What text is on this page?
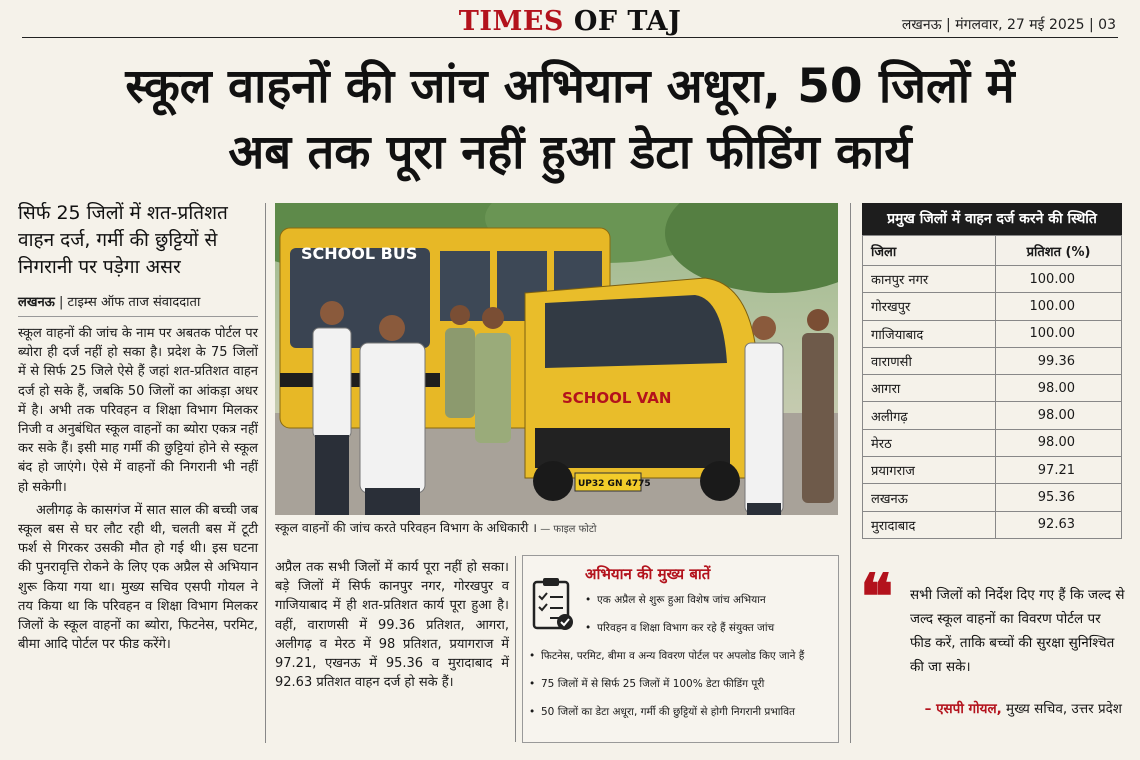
TIMES OF TAJ	लखनऊ | मंगलवार, 27 मई 2025 | 03
स्कूल वाहनों की जांच अभियान अधूरा, 50 जिलों में
अब तक पूरा नहीं हुआ डेटा फीडिंग कार्य
सिर्फ 25 जिलों में शत-प्रतिशत वाहन दर्ज, गर्मी की छुट्टियों से निगरानी पर पड़ेगा असर
लखनऊ | टाइम्स ऑफ ताज संवाददाता

स्कूल वाहनों की जांच के नाम पर अबतक पोर्टल पर ब्योरा ही दर्ज नहीं हो सका है। प्रदेश के 75 जिलों में से सिर्फ 25 जिले ऐसे हैं जहां शत-प्रतिशत वाहन दर्ज हो सके हैं, जबकि 50 जिलों का आंकड़ा अधर में है। अभी तक परिवहन व शिक्षा विभाग मिलकर निजी व अनुबंधित स्कूल वाहनों का ब्योरा एकत्र नहीं कर सके हैं। इसी माह गर्मी की छुट्टियां होने से स्कूल बंद हो जाएंगे। ऐसे में वाहनों की निगरानी भी नहीं हो सकेगी।

अलीगढ़ के कासगंज में सात साल की बच्ची जब स्कूल बस से घर लौट रही थी, चलती बस में टूटी फर्श से गिरकर उसकी मौत हो गई थी। इस घटना की पुनरावृत्ति रोकने के लिए एक अप्रैल से अभियान शुरू किया गया था। मुख्य सचिव एसपी गोयल ने तय किया था कि परिवहन व शिक्षा विभाग मिलकर जिलों के स्कूल वाहनों का ब्योरा, फिटनेस, परमिट, बीमा आदि पोर्टल पर फीड करेंगे।

SCHOOL BUS
SCHOOL VAN
UP32 GN 4775
स्कूल वाहनों की जांच करते परिवहन विभाग के अधिकारी । — फाइल फोटो

अप्रैल तक सभी जिलों में कार्य पूरा नहीं हो सका। बड़े जिलों में सिर्फ कानपुर नगर, गोरखपुर व गाजियाबाद में ही शत-प्रतिशत कार्य पूरा हुआ है। वहीं, वाराणसी में 99.36 प्रतिशत, आगरा, अलीगढ़ व मेरठ में 98 प्रतिशत, प्रयागराज में 97.21, एखनऊ में 95.36 व मुरादाबाद में 92.63 प्रतिशत वाहन दर्ज हो सके हैं।

अभियान की मुख्य बातें
• एक अप्रैल से शुरू हुआ विशेष जांच अभियान
• परिवहन व शिक्षा विभाग कर रहे हैं संयुक्त जांच
• फिटनेस, परमिट, बीमा व अन्य विवरण पोर्टल पर अपलोड किए जाने हैं
• 75 जिलों में से सिर्फ 25 जिलों में 100% डेटा फीडिंग पूरी
• 50 जिलों का डेटा अधूरा, गर्मी की छुट्टियों से होगी निगरानी प्रभावित
प्रमुख जिलों में वाहन दर्ज करने की स्थिति
जिला	प्रतिशत (%)
कानपुर नगर	100.00
गोरखपुर	100.00
गाजियाबाद	100.00
वाराणसी	99.36
आगरा	98.00
अलीगढ़	98.00
मेरठ	98.00
प्रयागराज	97.21
लखनऊ	95.36
मुरादाबाद	92.63
❝ सभी जिलों को निर्देश दिए गए हैं कि जल्द से जल्द स्कूल वाहनों का विवरण पोर्टल पर फीड करें, ताकि बच्चों की सुरक्षा सुनिश्चित की जा सके।
– एसपी गोयल, मुख्य सचिव, उत्तर प्रदेश
